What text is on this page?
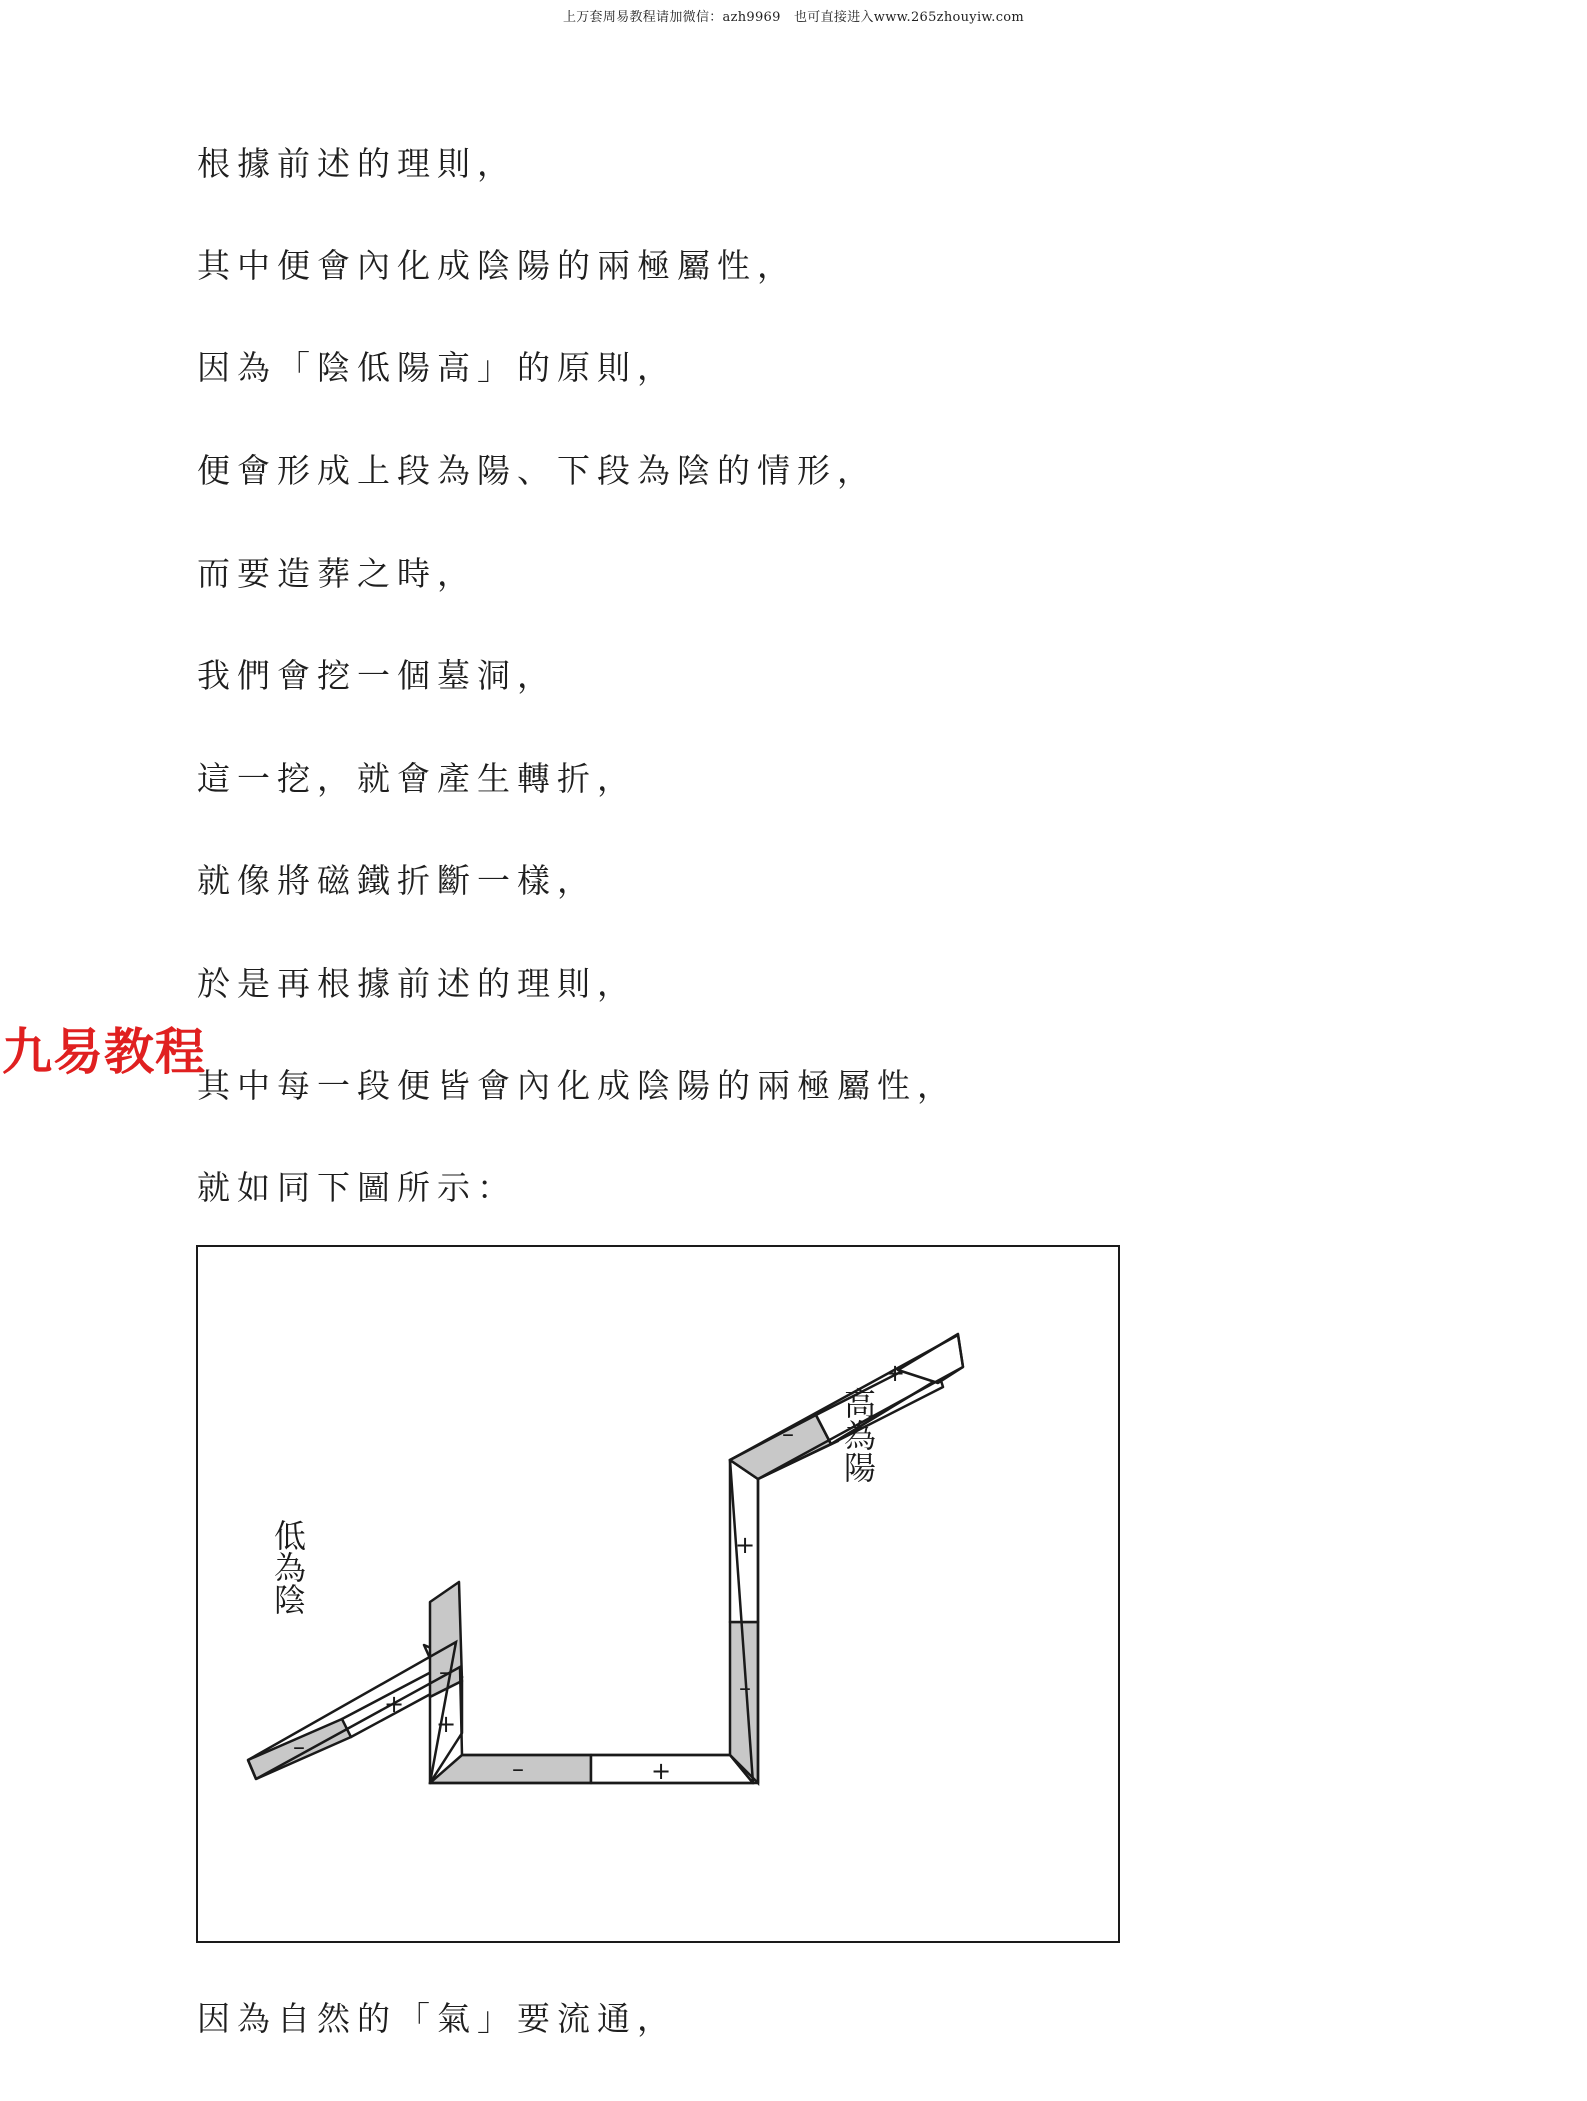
上万套周易教程请加微信：azh9969　也可直接进入www.265zhouyiw.com
九易教程
根據前述的理則，
其中便會內化成陰陽的兩極屬性，
因為「陰低陽高」的原則，
便會形成上段為陽、下段為陰的情形，
而要造葬之時，
我們會挖一個墓洞，
這一挖，就會產生轉折，
就像將磁鐵折斷一樣，
於是再根據前述的理則，
其中每一段便皆會內化成陰陽的兩極屬性，
就如同下圖所示：
–
+
–
+
–	+
–
+
–
+
低為陰
高為陽
因為自然的「氣」要流通，
